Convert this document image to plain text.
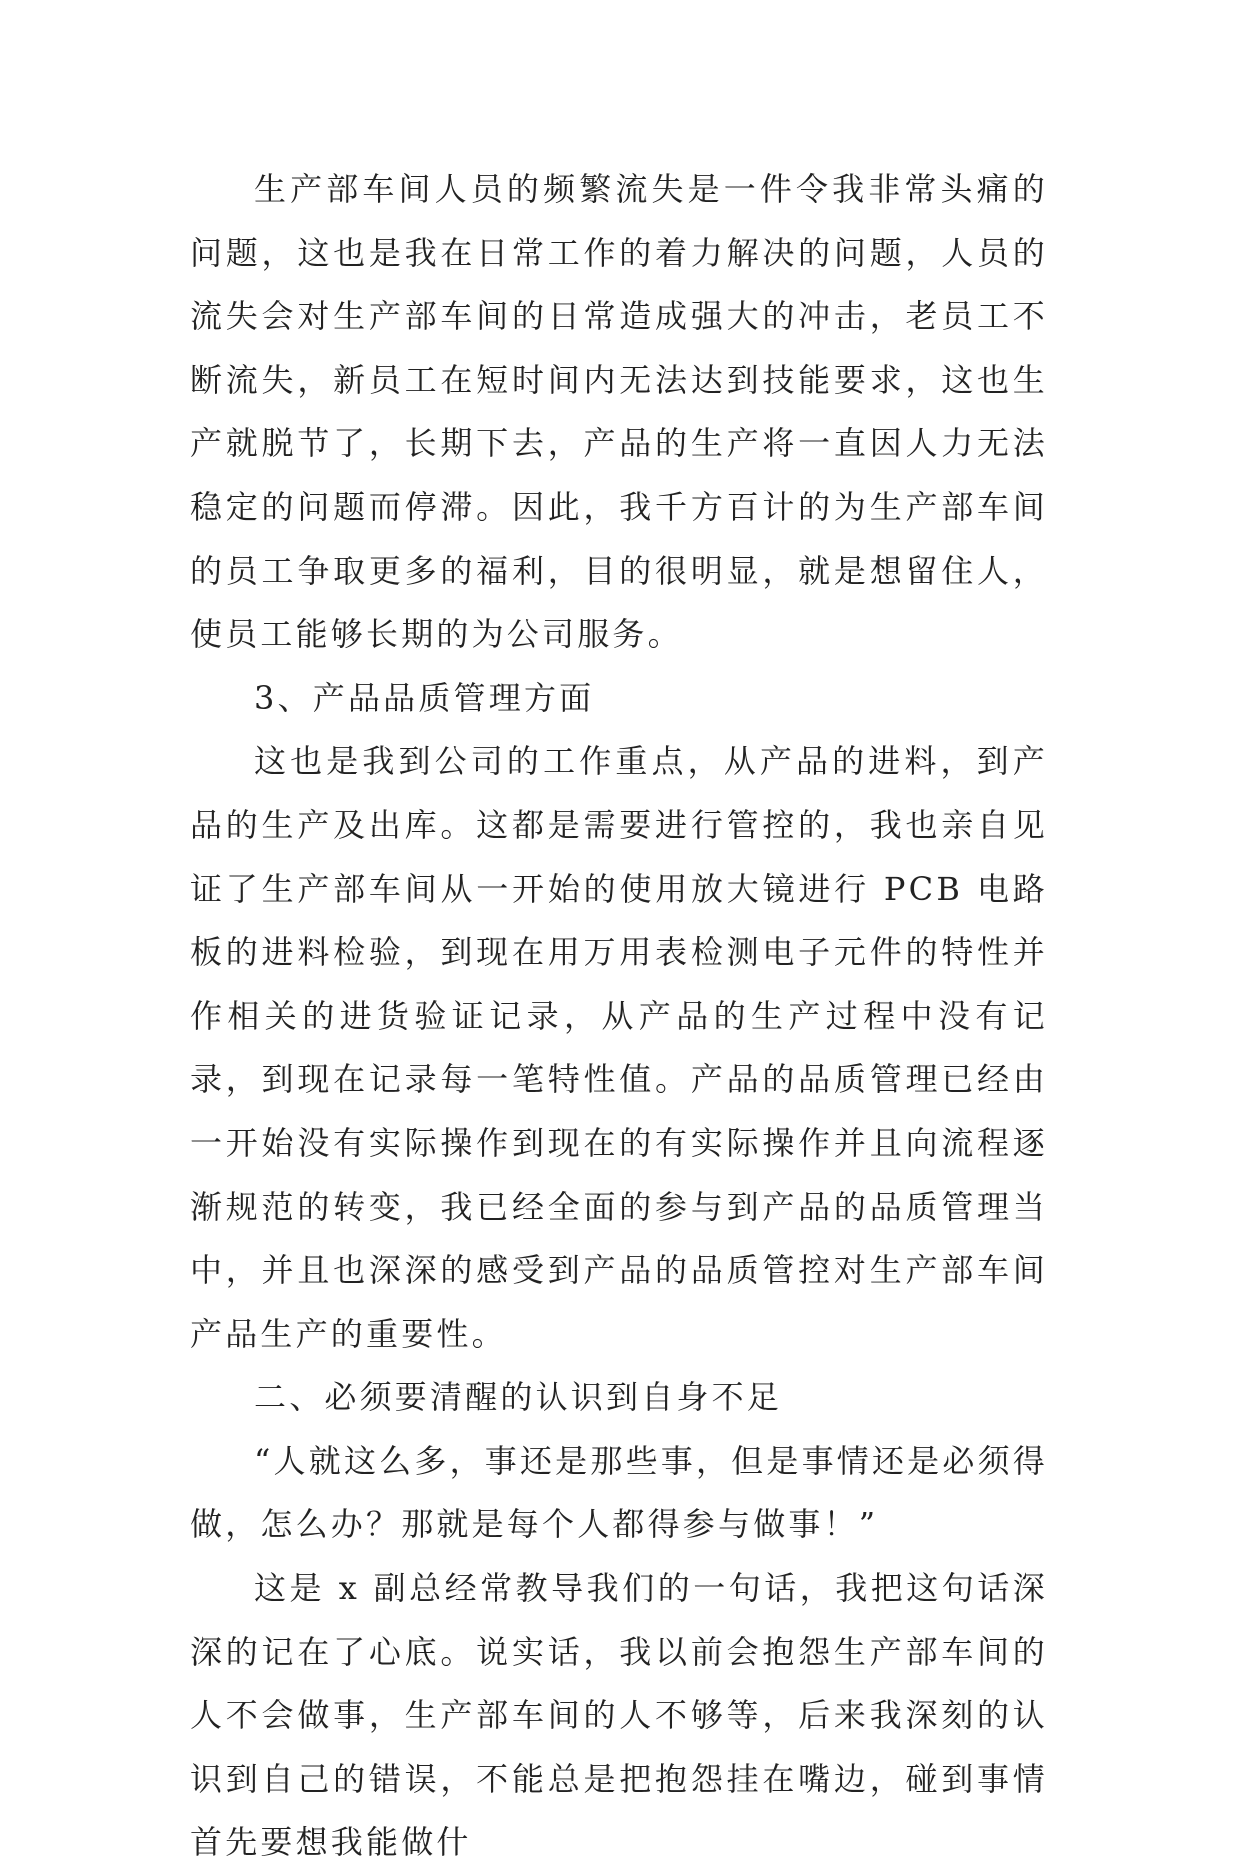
生产部车间人员的频繁流失是一件令我非常头痛的问题，这也是我在日常工作的着力解决的问题，人员的流失会对生产部车间的日常造成强大的冲击，老员工不断流失，新员工在短时间内无法达到技能要求，这也生产就脱节了，长期下去，产品的生产将一直因人力无法稳定的问题而停滞。因此，我千方百计的为生产部车间的员工争取更多的福利，目的很明显，就是想留住人，使员工能够长期的为公司服务。

3、产品品质管理方面

这也是我到公司的工作重点，从产品的进料，到产品的生产及出库。这都是需要进行管控的，我也亲自见证了生产部车间从一开始的使用放大镜进行 PCB 电路板的进料检验，到现在用万用表检测电子元件的特性并作相关的进货验证记录，从产品的生产过程中没有记录，到现在记录每一笔特性值。产品的品质管理已经由一开始没有实际操作到现在的有实际操作并且向流程逐渐规范的转变，我已经全面的参与到产品的品质管理当中，并且也深深的感受到产品的品质管控对生产部车间产品生产的重要性。

二、必须要清醒的认识到自身不足

“人就这么多，事还是那些事，但是事情还是必须得做，怎么办？那就是每个人都得参与做事！”

这是 x 副总经常教导我们的一句话，我把这句话深深的记在了心底。说实话，我以前会抱怨生产部车间的人不会做事，生产部车间的人不够等，后来我深刻的认识到自己的错误，不能总是把抱怨挂在嘴边，碰到事情首先要想我能做什
